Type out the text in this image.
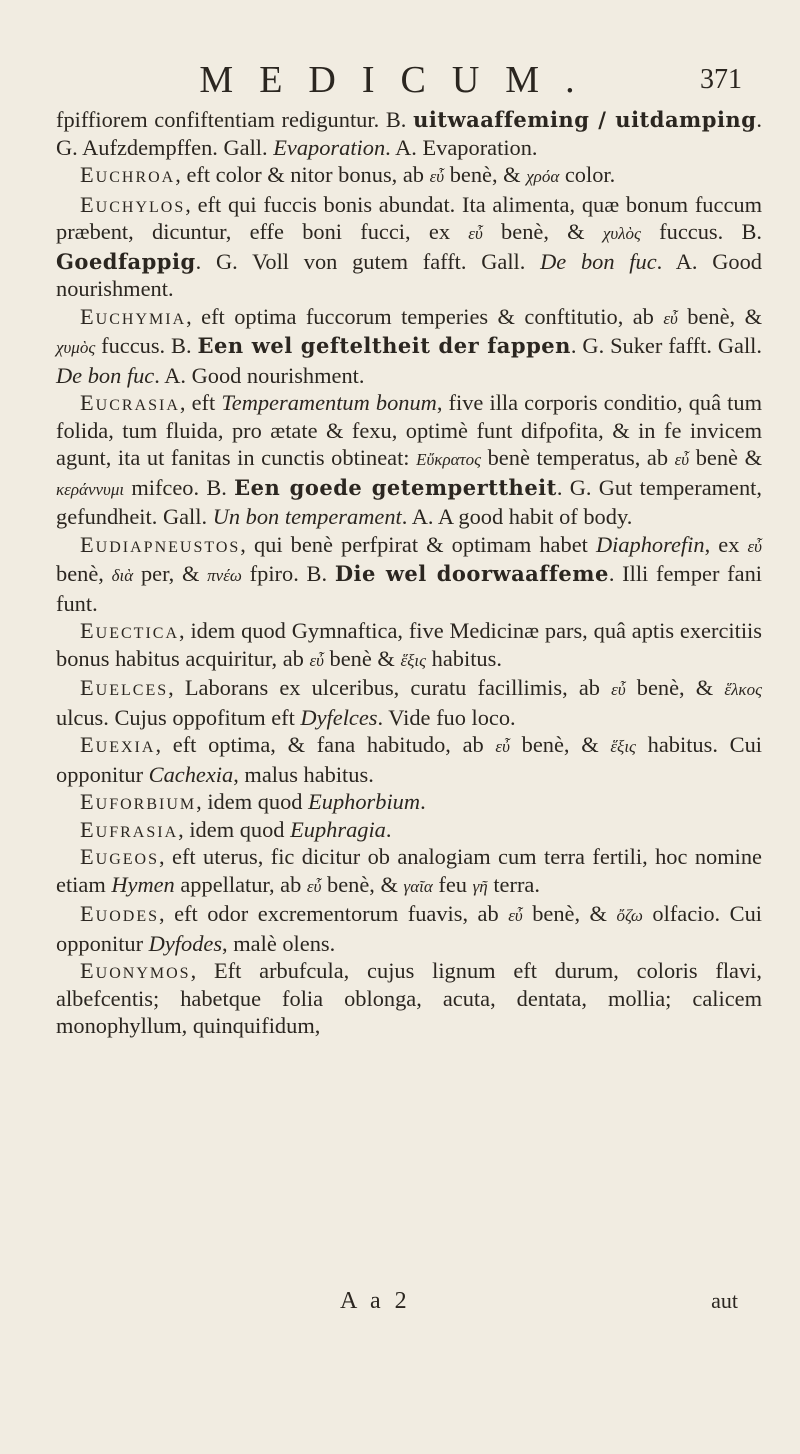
MEDICUM.	371

fpiffiorem confiftentiam rediguntur. B. uitwaaffeming / uitdamping. G. Aufzdempffen. Gall. Evaporation. A. Evaporation.

Euchroa, eft color & nitor bonus, ab εὖ benè, & χρόα color.

Euchylos, eft qui fuccis bonis abundat. Ita alimenta, quæ bonum fuccum præbent, dicuntur, effe boni fucci, ex εὖ benè, & χυλὸς fuccus. B. Goedfappig. G. Voll von gutem fafft. Gall. De bon fuc. A. Good nourishment.

Euchymia, eft optima fuccorum temperies & conftitutio, ab εὖ benè, & χυμὸς fuccus. B. Een wel gefteltheit der fappen. G. Suker fafft. Gall. De bon fuc. A. Good nourishment.

Eucrasia, eft Temperamentum bonum, five illa corporis conditio, quâ tum folida, tum fluida, pro ætate & fexu, optimè funt difpofita, & in fe invicem agunt, ita ut fanitas in cunctis obtineat: Εὔκρατος benè temperatus, ab εὖ benè & κεράννυμι mifceo. B. Een goede getemperttheit. G. Gut temperament, gefundheit. Gall. Un bon temperament. A. A good habit of body.

Eudiapneustos, qui benè perfpirat & optimam habet Diaphorefin, ex εὖ benè, διὰ per, & πνέω fpiro. B. Die wel doorwaaffeme. Illi femper fani funt.

Euectica, idem quod Gymnaftica, five Medicinæ pars, quâ aptis exercitiis bonus habitus acquiritur, ab εὖ benè & ἕξις habitus.

Euelces, Laborans ex ulceribus, curatu facillimis, ab εὖ benè, & ἕλκος ulcus. Cujus oppofitum eft Dyfelces. Vide fuo loco.

Euexia, eft optima, & fana habitudo, ab εὖ benè, & ἕξις habitus. Cui opponitur Cachexia, malus habitus.

Euforbium, idem quod Euphorbium.

Eufrasia, idem quod Euphragia.

Eugeos, eft uterus, fic dicitur ob analogiam cum terra fertili, hoc nomine etiam Hymen appellatur, ab εὖ benè, & γαῖα feu γῆ terra.

Euodes, eft odor excrementorum fuavis, ab εὖ benè, & ὄζω olfacio. Cui opponitur Dyfodes, malè olens.

Euonymos, Eft arbufcula, cujus lignum eft durum, coloris flavi, albefcentis; habetque folia oblonga, acuta, dentata, mollia; calicem monophyllum, quinquifidum,

A a 2	aut
